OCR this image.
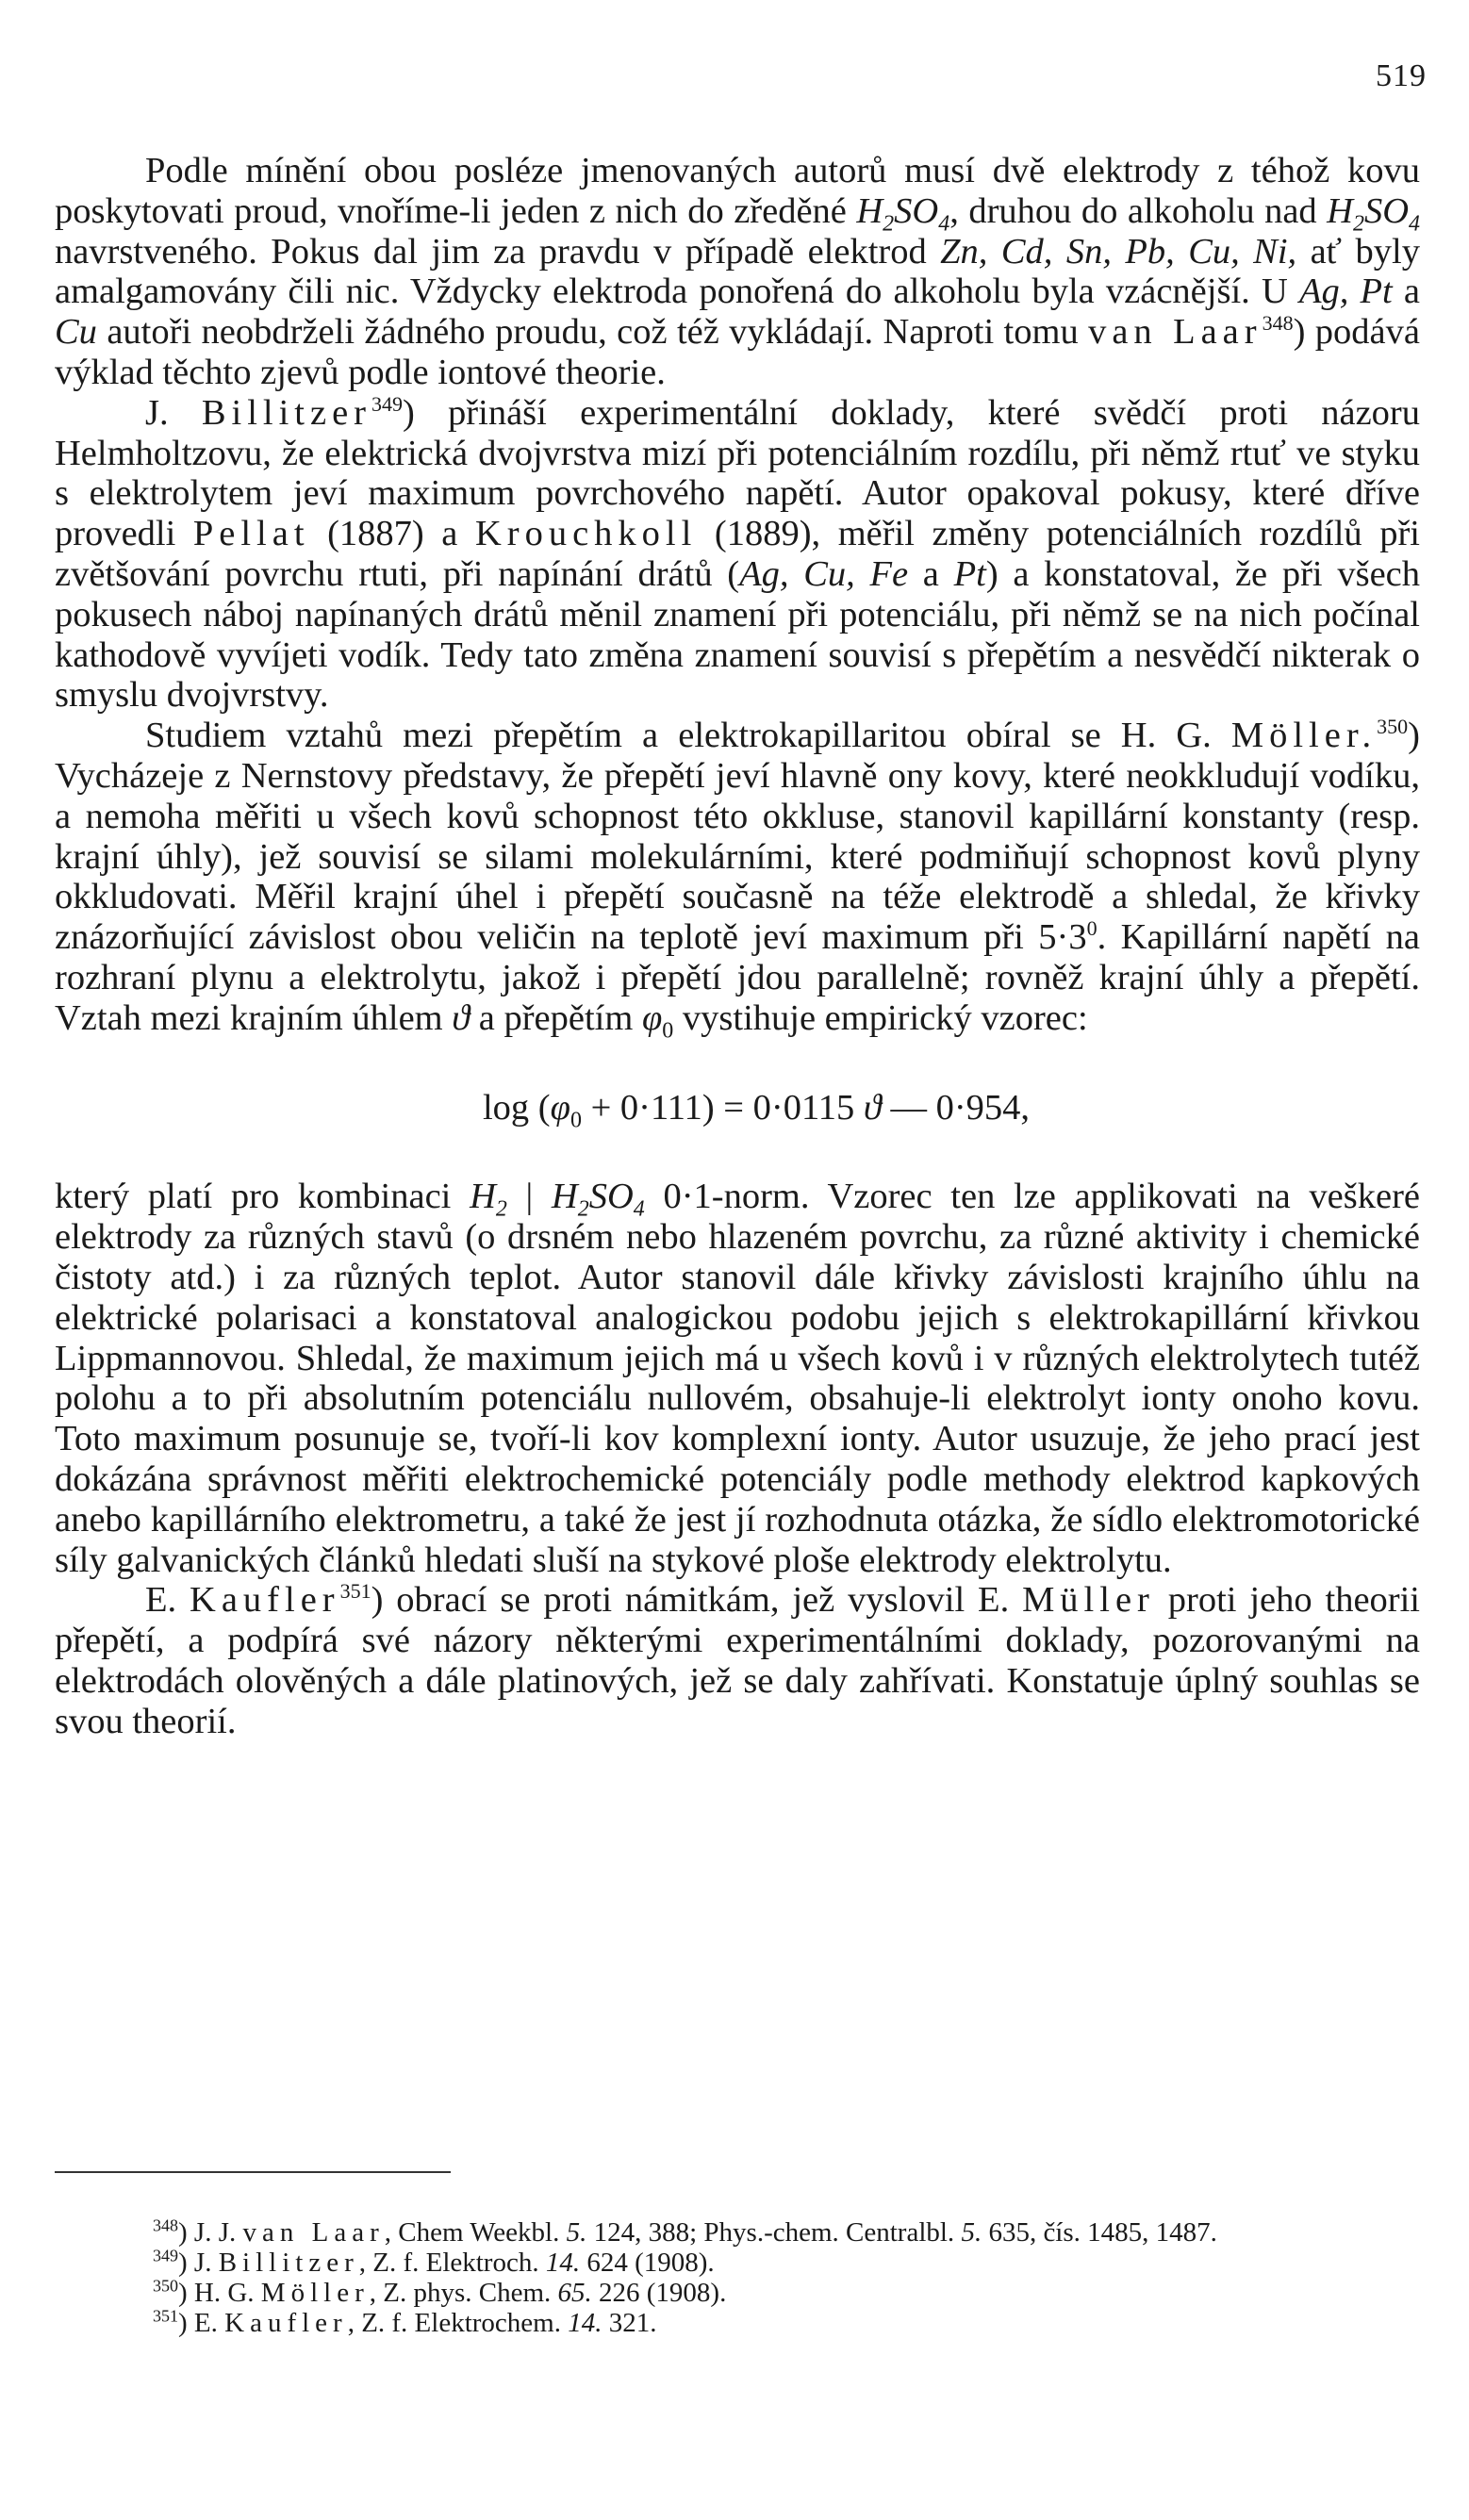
519

Podle mínění obou posléze jmenovaných autorů musí dvě elektrody z téhož kovu poskytovati proud, vnoříme-li jeden z nich do zředěné $H_2SO_4$, druhou do alkoholu nad $H_2SO_4$ navrstveného. Pokus dal jim za pravdu v případě elektrod Zn, Cd, Sn, Pb, Cu, Ni, ať byly amalgamovány čili nic. Vždycky elektroda ponořená do alkoholu byla vzácnější. U Ag, Pt a Cu autoři neobdrželi žádného proudu, což též vykládají. Naproti tomu van Laar$^{348}$) podává výklad těchto zjevů podle iontové theorie.

J. Billitzer$^{349}$) přináší experimentální doklady, které svědčí proti názoru Helmholtzovu, že elektrická dvojvrstva mizí při potenciálním rozdílu, při němž rtuť ve styku s elektrolytem jeví maximum povrchového napětí. Autor opakoval pokusy, které dříve provedli Pellat (1887) a Krouchkoll (1889), měřil změny potenciálních rozdílů při zvětšování povrchu rtuti, při napínání drátů (Ag, Cu, Fe a Pt) a konstatoval, že při všech pokusech náboj napínaných drátů měnil znamení při potenciálu, při němž se na nich počínal kathodově vyvíjeti vodík. Tedy tato změna znamení souvisí s přepětím a nesvědčí nikterak o smyslu dvojvrstvy.

Studiem vztahů mezi přepětím a elektrokapillaritou obíral se H. G. Möller.$^{350}$) Vycházeje z Nernstovy představy, že přepětí jeví hlavně ony kovy, které neokkludují vodíku, a nemoha měřiti u všech kovů schopnost této okkluse, stanovil kapillární konstanty (resp. krajní úhly), jež souvisí se silami molekulárními, které podmiňují schopnost kovů plyny okkludovati. Měřil krajní úhel i přepětí současně na téže elektrodě a shledal, že křivky znázorňující závislost obou veličin na teplotě jeví maximum při $5\cdot 3^0$. Kapillární napětí na rozhraní plynu a elektrolytu, jakož i přepětí jdou parallelně; rovněž krajní úhly a přepětí. Vztah mezi krajním úhlem ϑ a přepětím $\varphi_0$ vystihuje empirický vzorec:

$\log (\varphi_0 + 0\cdot 111) = 0\cdot 0115$ ϑ — 0·954,

který platí pro kombinaci $H_2$ | $H_2SO_4$ 0·1-norm. Vzorec ten lze applikovati na veškeré elektrody za různých stavů (o drsném nebo hlazeném povrchu, za různé aktivity i chemické čistoty atd.) i za různých teplot. Autor stanovil dále křivky závislosti krajního úhlu na elektrické polarisaci a konstatoval analogickou podobu jejich s elektrokapillární křivkou Lippmannovou. Shledal, že maximum jejich má u všech kovů i v různých elektrolytech tutéž polohu a to při absolutním potenciálu nullovém, obsahuje-li elektrolyt ionty onoho kovu. Toto maximum posunuje se, tvoří-li kov komplexní ionty. Autor usuzuje, že jeho prací jest dokázána správnost měřiti elektrochemické potenciály podle methody elektrod kapkových anebo kapillárního elektrometru, a také že jest jí rozhodnuta otázka, že sídlo elektromotorické síly galvanických článků hledati sluší na stykové ploše elektrody elektrolytu.

E. Kaufler$^{351}$) obrací se proti námitkám, jež vyslovil E. Müller proti jeho theorii přepětí, a podpírá své názory některými experimentálními doklady, pozorovanými na elektrodách olověných a dále platinových, jež se daly zahřívati. Konstatuje úplný souhlas se svou theorií.

$^{348}$) J. J. van Laar, Chem Weekbl. 5. 124, 388; Phys.-chem. Centralbl. 5. 635, čís. 1485, 1487.

$^{349}$) J. Billitzer, Z. f. Elektroch. 14. 624 (1908).

$^{350}$) H. G. Möller, Z. phys. Chem. 65. 226 (1908).

$^{351}$) E. Kaufler, Z. f. Elektrochem. 14. 321.
